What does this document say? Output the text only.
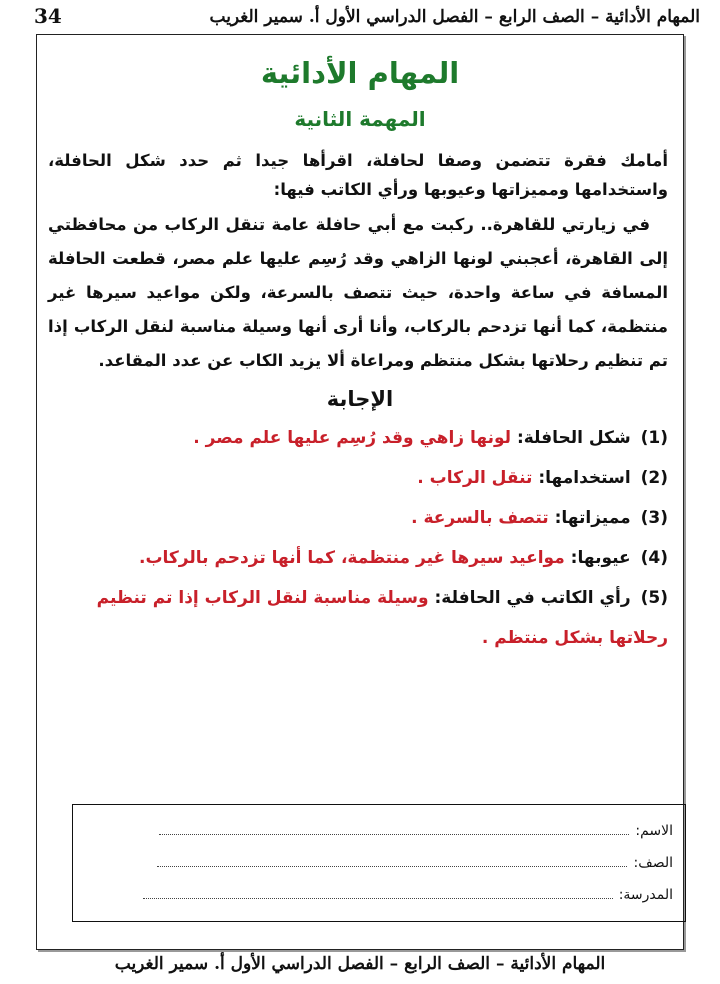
المهام الأدائية – الصف الرابع – الفصل الدراسي الأول أ. سمير الغريب
34
المهام الأدائية
المهمة الثانية
أمامك فقرة تتضمن وصفا لحافلة، اقرأها جيدا ثم حدد شكل الحافلة، واستخدامها ومميزاتها وعيوبها ورأي الكاتب فيها:
في زيارتي للقاهرة.. ركبت مع أبي حافلة عامة تنقل الركاب من محافظتي إلى القاهرة، أعجبني لونها الزاهي وقد رُسِم عليها علم مصر، قطعت الحافلة المسافة في ساعة واحدة، حيث تتصف بالسرعة، ولكن مواعيد سيرها غير منتظمة، كما أنها تزدحم بالركاب، وأنا أرى أنها وسيلة مناسبة لنقل الركاب إذا تم تنظيم رحلاتها بشكل منتظم ومراعاة ألا يزيد الكاب عن عدد المقاعد.
الإجابة
(1) شكل الحافلة: لونها زاهي وقد رُسِم عليها علم مصر .
(2) استخدامها: تنقل الركاب .
(3) مميزاتها: تتصف بالسرعة .
(4) عيوبها: مواعيد سيرها غير منتظمة، كما أنها تزدحم بالركاب.
(5) رأي الكاتب في الحافلة: وسيلة مناسبة لنقل الركاب إذا تم تنظيم رحلاتها بشكل منتظم .
الاسم:
الصف:
المدرسة:
المهام الأدائية – الصف الرابع – الفصل الدراسي الأول أ. سمير الغريب
